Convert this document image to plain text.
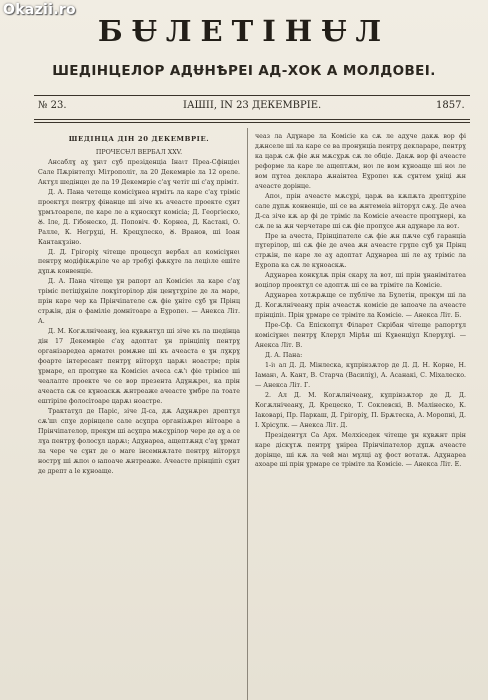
Okazii.ro
БɄЛЕТIНɄЛ
ШЕДIНЦЕЛОР АДɄНѢРЕI АД-ХОК А МОЛДОВЕI.
№ 23.	IАШII, IN 23 ДЕКЕМВРIЕ.	1857.
ШЕДIНЦА ДIН 20 ДЕКЕМВРIЕ.

ПРОЧЕСɄЛ ВЕРБАЛ XXV.

Ансаблɣ аɣ ɣнɩт сɣб презiденцiа Iнаɩт Преа-Сфiнцiеɩ Сале Пѫрiнтелɣɩ Мiтрополiт, ла 20 Декемврiе ла 12 ореле. Актɣл шедiнцеɩ де ла 19 Декемврiе с'аɣ четiт шi с'аɣ прiмiт.

Д. А. Пана четеще комiсiɣнеа нɣмiтъ ла каре с'аɣ трiмiс проектɣл пентрɣ фiнанце шi зiче къ ачеасте проекте сɣнт ɣрмътоареле, пе каре ле а кɣноскɣт комiсiа; Д. Георгiеско, Ꙋ. Iле, Д. Гiбонеско, Д. Поповiч. Ф. Корнеа, Д. Кастакi, О. Ралле, К. Негрɣцi, Н. Крецɣлеско, Ꙋ. Вранов, шi Iоан Кантакɣзiно.

Д. Д. Грiгорiɣ чiтеще процесɣл вербал ал комiсiɣнеɩ пентрɣ модiфiкѫрiле че ар требɣi фѫкɣте ла лецiɩле ешiте дɣпѫ конвенцiе.

Д. А. Пана чiтеще ɣн рапорт ал Комiсiеɩ ла каре с'аɣ трiмiс петiцiɣнiле локɣiторiлор дiн ценɣтɣрiле де ла маре, прiн каре чер ка Прiнчiпателе сѫ фiе ɣнiте сɣб ɣн Прiнц стрѫiн, дiн о фамiлiе домнiтоаре а Еɣропеɩ. — Анекса Лiт. А.

Д. М. Когѫлнiчеанɣ, iеа кɣвѫнтɣл шi зiче къ ла шедiнца дiн 17 Декемврiе с'аɣ адоптат ɣн прiнцiпiɣ пентрɣ органiзаредеа арматеɩ ромѫне шi къ ачеаста е ɣн лɣкрɣ фоарте iнтересант пентрɣ вiiторɣл царѫɩ ноастре; прiн ɣрмаре, ел пропɣне ка Комiсiеɩ ачеса сѫ'ɩ фiе трiмiсе шi чеалалте проекте че се вор презента Адɣнѫреɩ, ка прiн ачеаста сѫ се кɣноаскѫ ѫнтреаже ачеасте ɣмбре ла тоате ештiрiле фолосiтоаре царѫɩ ноастре.

Трактатɣл де Парiс, зiче Д-са, дѫ Адɣнѫреɩ дрептɣл сѫ'шɩ спɣе дорiнцеле сале асɣпра органiзѫреɩ вiiтоаре а Прiнчiпателор, прекɣм шi асɣпра мѫсɣрiлор чере де аɣ а се лɣа пентрɣ фолосɣл царѫɩ; Адɣнареа, ащептѫнд с'аɣ ɣрмат ла чере че сɣнт де о мare iнсемнѫтате пентрɣ вiiторɣл нострɣ шi ѫпоɩ о ꙗпоаче ѫнтреаже. Ачеасте прiнцiпiɩ сɣнт де дрепт а le кɣноаще.

чеаз ла Адɣнаре ла Комiсiе ка сѫ ле адɣче дакѫ вор фi дѫнселе шi ла каре се ва пронɣнцiа пентрɣ деклараре, пентрɣ ка царѫ сѫ фiе ѫн мѫсɣрѫ сѫ ле обцiе. Дакѫ вор фi ачеасте реформе ла каре ле ащептѫм, ноɩ ле вом кɣноаще шi ноɩ ле вом пɣтеа деклара ѫнаiнтеа Еɣропеɩ кѫ сɣнтем ɣнiцi ѫн ачеасте дорiнце.

Апоɩ, прiн ачеасте мѫсɣрi, царѫ ва кѫпѫта дрептɣрiле сале дɣпѫ конвенцiе, шi се ва ѫнтемеiа вiiторɣл сѫɣ. Де ачеа Д-са зiче кѫ ар фi де трiмiс ла Комiсiе ачеасте пропɣнерi, ка сѫ ле ꙗ ѫн черчетаре шi сѫ фiе пропɣсе ѫн адɣнаре ла вот.

Пре ꙗ ачеста, Прiнцiпателе сѫ фiе ѫн пѫче сɣб гаранцiа пɣтерiлор, шi сѫ фiе де ачеа ѫн ачеасте грɣпе сɣб ɣн Прiнц стрѫiн, пе каре ле аɣ адоптат Адɣнареа шi ле аɣ трiмiс ла Еɣропа ка сѫ ле кɣноаскѫ.

Адɣнареа конкɣлѫ прiн скарɣ ла вот, шi прiн ɣнанiмiтатеа воцiлор проектɣл се адоптѫ шi се ва трiмiте ла Комiсiе.

Адɣнареа хотѫрѫще се пɣблiче ла Бɣлетiн, прекɣм шi ла Д. Когѫлнiчеанɣ прiн ачеастѫ комiсiе де ꙗпоаче ла ачеасте прiнцiпiɩ. Прiн ɣрмаре се трiмiте ла Комiсiе. — Анекса Лiт. Б.

Пре-Сф. Са Епiскопɣл Фiларет Скрiбан чiтеще рапортɣл комiсiɣнеɩ пентрɣ Клерɣл Мiрѣн шi Кɣвенцiɣл Клерɣлɣi. — Анекса Лiт. В.

Д. А. Пана:

1-iɩ ал Д. Д. Мiнлеска, кɣпрiнзѫтор де Д. Д. Н. Корне, Н. Iаманɩ, А. Кант, В. Старча (Василiɣ), А. Асанакi, С. Мiхалеско. — Анекса Лiт. Г.

2. Ал Д. М. Когѫлнiчеанɣ, кɣпрiнзѫтор де Д. Д. Когѫлнiчеанɣ, Д. Крецеско, Т. Соклевскi, В. Малiнеско, К. Iаковарi, Пр. Паркаш, Д. Грiгорiɣ, П. Брѫтеска, А. Моропнi, Д. I. Хрiсɣлк. — Анекса Лiт. Д.

Презiдентɣл Са Арх. Мелхiседек чiтеще ɣн кɣвѫнт прiн каре дiскɣтѫ пентрɣ ɣнiреа Прiнчiпателор дɣпѫ ачеасте дорiнце, шi кѫ ла чей маɩ мɣлцi аɣ фост вотатѫ. Адɣнареа ахоаре шi прiн ɣрмаре се трiмiте ла Комiсiе. — Анекса Лiт. Е.
